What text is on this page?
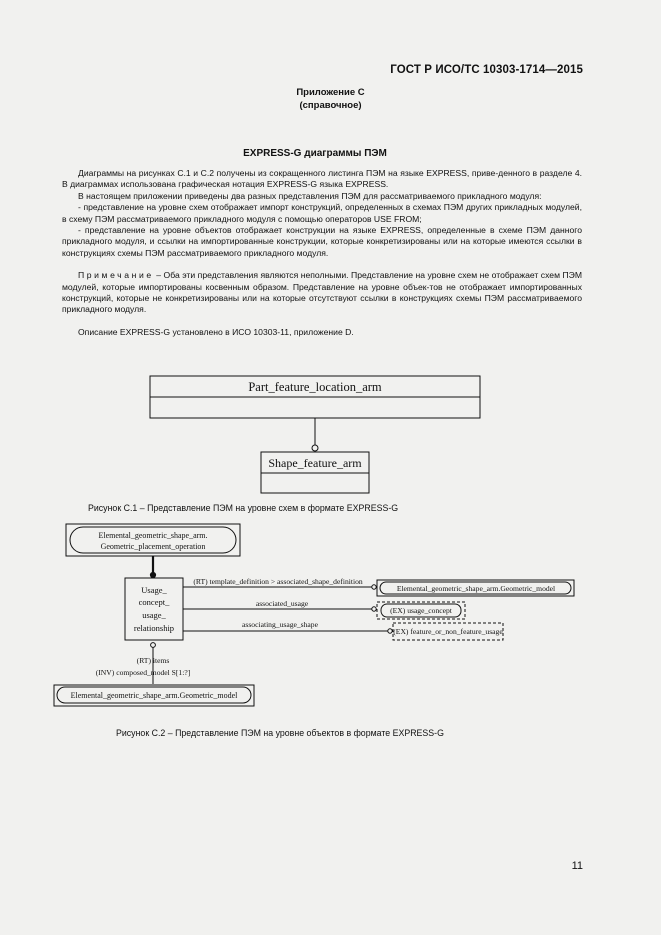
ГОСТ Р ИСО/ТС 10303-1714—2015
Приложение C
(справочное)
EXPRESS-G диаграммы ПЭМ

Диаграммы на рисунках C.1 и C.2 получены из сокращенного листинга ПЭМ на языке EXPRESS, приве-денного в разделе 4. В диаграммах использована графическая нотация EXPRESS-G языка EXPRESS.

В настоящем приложении приведены два разных представления ПЭМ для рассматриваемого прикладного модуля:

- представление на уровне схем отображает импорт конструкций, определенных в схемах ПЭМ других прикладных модулей, в схему ПЭМ рассматриваемого прикладного модуля с помощью операторов USE FROM;

- представление на уровне объектов отображает конструкции на языке EXPRESS, определенные в схеме ПЭМ данного прикладного модуля, и ссылки на импортированные конструкции, которые конкретизированы или на которые имеются ссылки в конструкциях схемы ПЭМ рассматриваемого прикладного модуля.

Примечание – Оба эти представления являются неполными. Представление на уровне схем не отображает схем ПЭМ модулей, которые импортированы косвенным образом. Представление на уровне объек-тов не отображает импортированных конструкций, которые не конкретизированы или на которые отсутствуют ссылки в конструкциях схемы ПЭМ рассматриваемого прикладного модуля.

Описание EXPRESS-G установлено в ИСО 10303-11, приложение D.

Part_feature_location_arm
Shape_feature_arm
Elemental_geometric_shape_arm.
Geometric_placement_operation
Usage_
concept_
usage_
relationship
(RT) template_definition > associated_shape_definition
Elemental_geometric_shape_arm.Geometric_model
associated_usage
(EX) usage_concept
associating_usage_shape
(EX) feature_or_non_feature_usage
(RT) items
(INV) composed_model S[1:?]
Elemental_geometric_shape_arm.Geometric_model
Рисунок C.1 – Представление ПЭМ на уровне схем в формате EXPRESS-G
Рисунок C.2 – Представление ПЭМ на уровне объектов в формате EXPRESS-G
11
